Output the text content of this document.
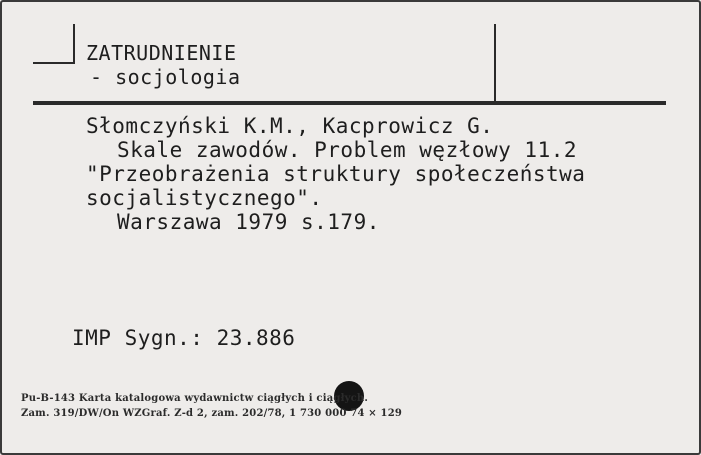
ZATRUDNIENIE
- socjologia
Słomczyński K.M., Kacprowicz G.
Skale zawodów. Problem węzłowy 11.2
"Przeobrażenia struktury społeczeństwa
socjalistycznego".
Warszawa 1979 s.179.
IMP Sygn.: 23.886
Pu-B-143 Karta katalogowa wydawnictw ciągłych i ciągłych.
Zam. 319/DW/On WZGraf. Z-d 2, zam. 202/78, 1 730 000 74 × 129
